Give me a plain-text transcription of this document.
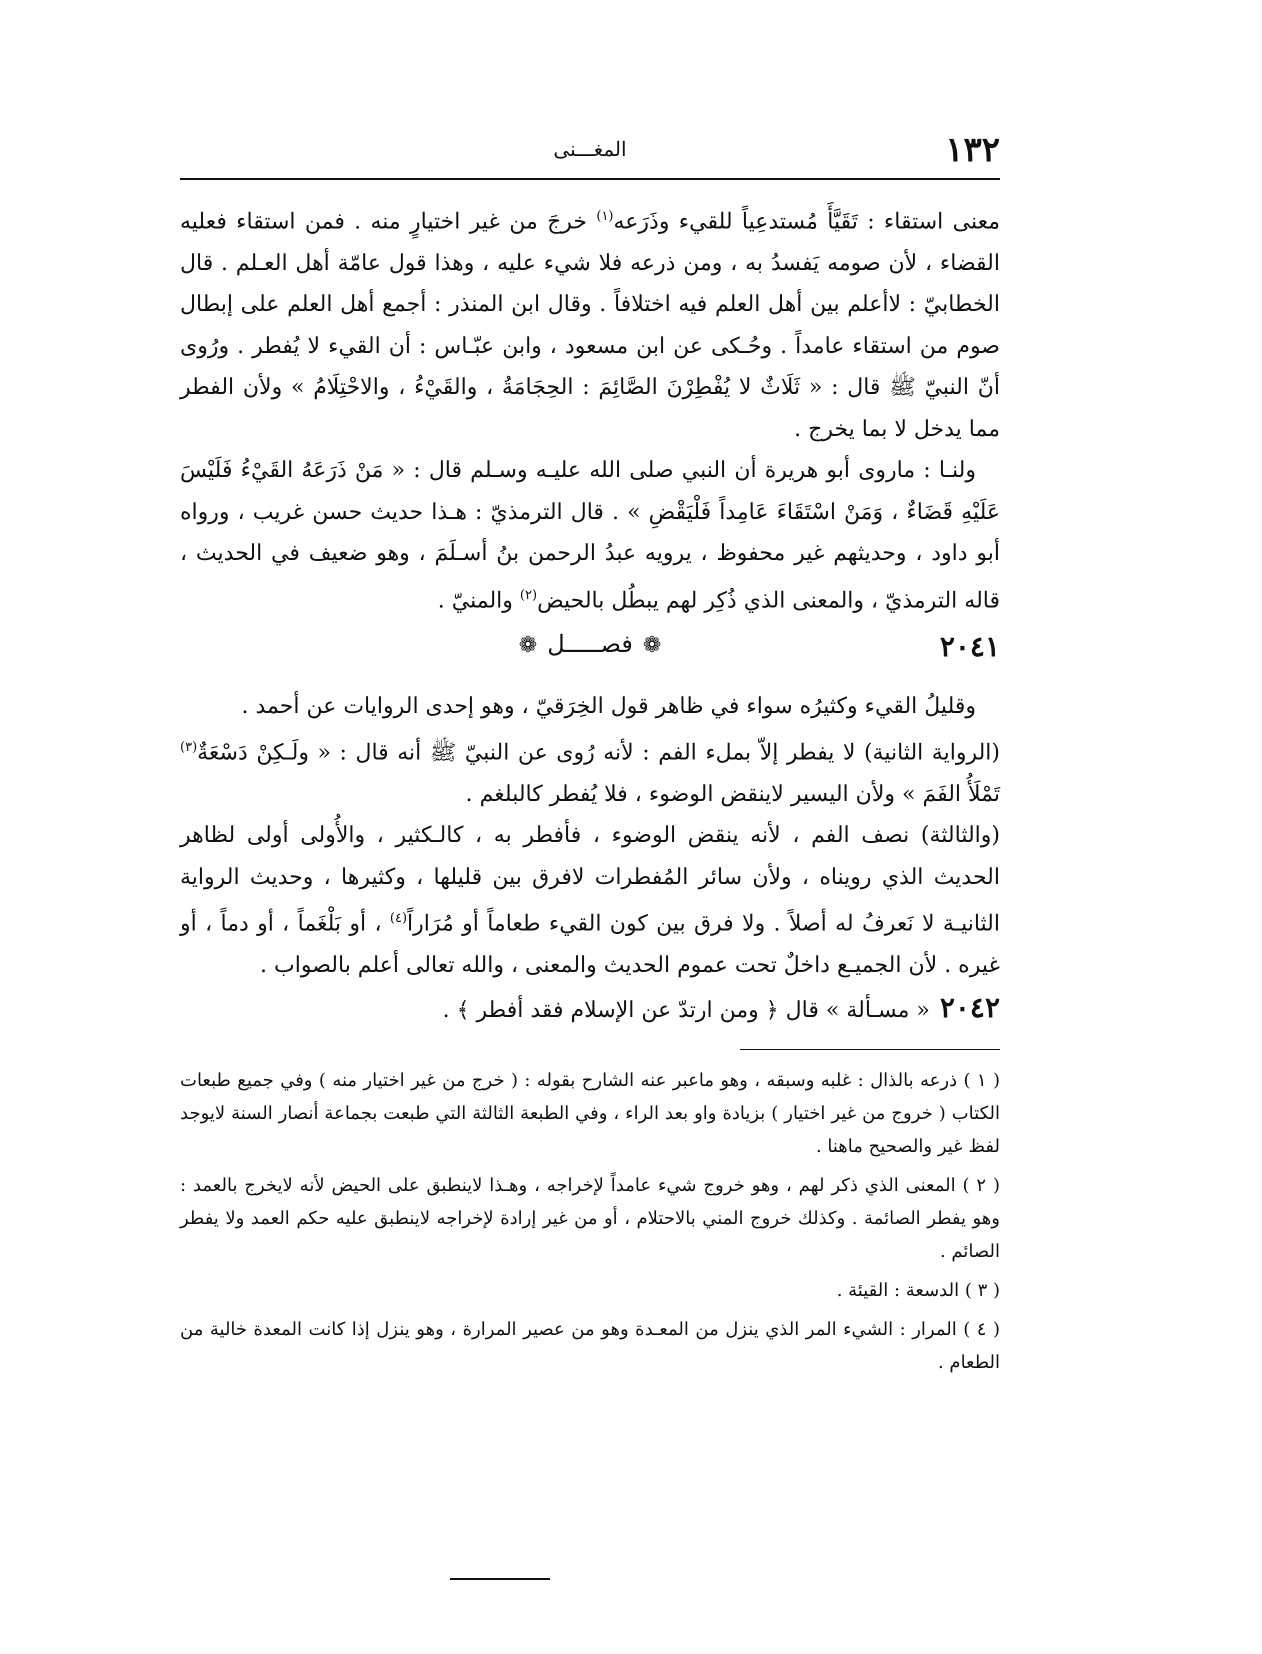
١٣٢
المغـــنى

معنى استقاء : تَقَيَّأَ مُستدعِياً للقيء وذَرَعه$^{(١)}$ خرجَ من غير اختيارٍ منه . فمن استقاء فعليه القضاء ، لأن صومه يَفسدُ به ، ومن ذرعه فلا شيء عليه ، وهذا قول عامّة أهل العـلم . قال الخطابيّ : لاأعلم بين أهل العلم فيه اختلافاً . وقال ابن المنذر : أجمع أهل العلم على إبطال صوم من استقاء عامداً . وحُـكى عن ابن مسعود ، وابن عبّـاس : أن القيء لا يُفطر . ورُوى أنّ النبيّ ﷺ قال : « ثَلَاثٌ لا يُفْطِرْنَ الصَّائِمَ : الحِجَامَةُ ، والقَيْءُ ، والاحْتِلَامُ » ولأن الفطر مما يدخل لا بما يخرج .

ولنـا : ماروى أبو هريرة أن النبي صلى الله عليـه وسـلم قال : « مَنْ ذَرَعَهُ القَيْءُ فَلَيْسَ عَلَيْهِ قَضَاءٌ ، وَمَنْ اسْتَقَاءَ عَامِداً فَلْيَقْضِ » . قال الترمذيّ : هـذا حديث حسن غريب ، ورواه أبو داود ، وحديثهم غير محفوظ ، يرويه عبدُ الرحمن بنُ أسـلَمَ ، وهو ضعيف في الحديث ، قاله الترمذيّ ، والمعنى الذي ذُكِر لهم يبطُل بالحيض$^{(٢)}$ والمنيّ .

٢٠٤١
❁فصـــــل❁

وقليلُ القيء وكثيرُه سواء في ظاهر قول الخِرَقيّ ، وهو إحدى الروايات عن أحمد .

(الرواية الثانية) لا يفطر إلاّ بملء الفم : لأنه رُوى عن النبيّ ﷺ أنه قال : « ولَـكِنْ دَسْعَةٌ$^{(٣)}$ تَمْلَأُ الفَمَ » ولأن اليسير لاينقض الوضوء ، فلا يُفطر كالبلغم .

(والثالثة) نصف الفم ، لأنه ينقض الوضوء ، فأفطر به ، كالـكثير ، والأُولى أولى لظاهر الحديث الذي رويناه ، ولأن سائر المُفطرات لافرق بين قليلها ، وكثيرها ، وحديث الرواية الثانيـة لا نَعرفُ له أصلاً . ولا فرق بين كون القيء طعاماً أو مُرَاراً$^{(٤)}$ ، أو بَلْغَماً ، أو دماً ، أو غيره . لأن الجميـع داخلٌ تحت عموم الحديث والمعنى ، والله تعالى أعلم بالصواب .

٢٠٤٢« مسـألة » قال ﴿ ومن ارتدّ عن الإسلام فقد أفطر ﴾ .

( ١ ) ذرعه بالذال : غلبه وسبقه ، وهو ماعبر عنه الشارح بقوله : ( خرج من غير اختيار منه ) وفي جميع طبعات الكتاب ( خروج من غير اختيار ) بزيادة واو بعد الراء ، وفي الطبعة الثالثة التي طبعت بجماعة أنصار السنة لايوجد لفظ غير والصحيح ماهنا .

( ٢ ) المعنى الذي ذكر لهم ، وهو خروج شيء عامداً لإخراجه ، وهـذا لاينطبق على الحيض لأنه لايخرج بالعمد : وهو يفطر الصائمة . وكذلك خروج المني بالاحتلام ، أو من غير إرادة لإخراجه لاينطبق عليه حكم العمد ولا يفطر الصائم .

( ٣ ) الدسعة : القيئة .

( ٤ ) المرار : الشيء المر الذي ينزل من المعـدة وهو من عصير المرارة ، وهو ينزل إذا كانت المعدة خالية من الطعام .
